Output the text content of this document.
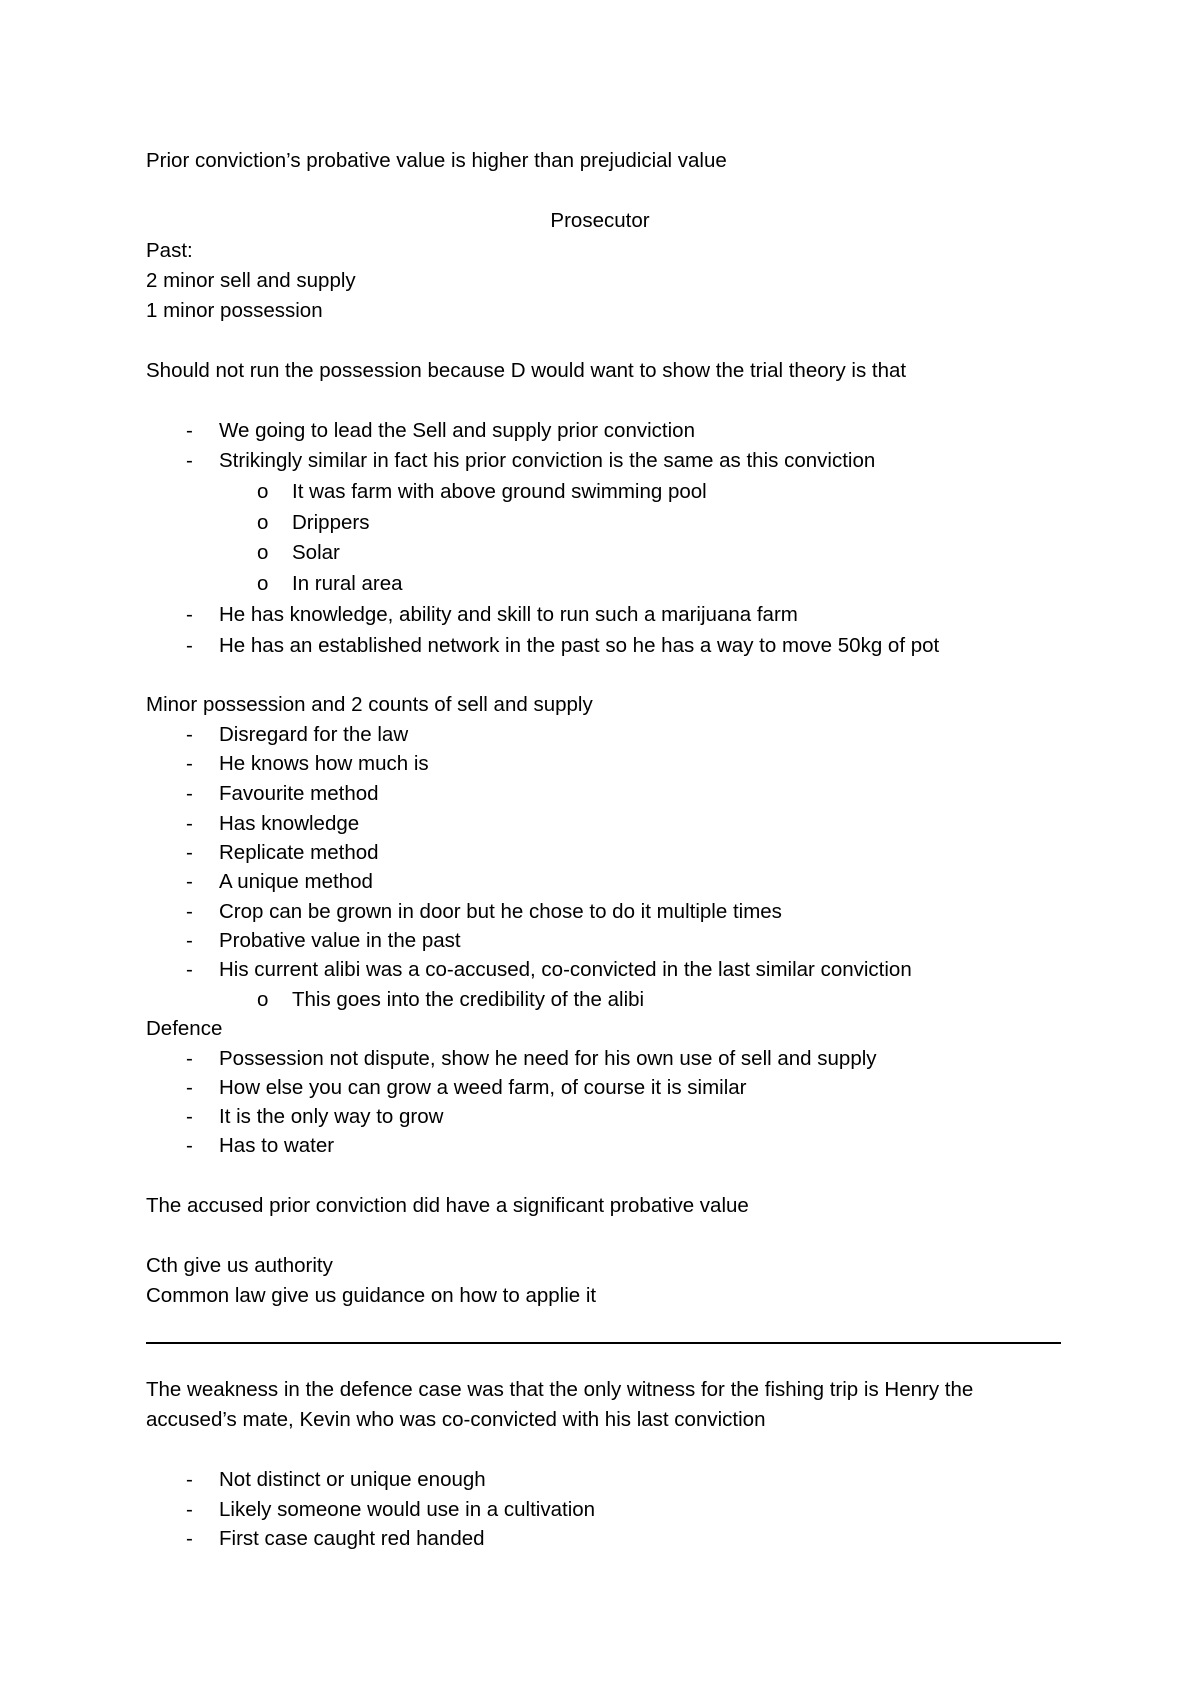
Prior conviction’s probative value is higher than prejudicial value
Prosecutor
Past:
2 minor sell and supply
1 minor possession
Should not run the possession because D would want to show the trial theory is that
- We going to lead the Sell and supply prior conviction
- Strikingly similar in fact his prior conviction is the same as this conviction
o It was farm with above ground swimming pool
o Drippers
o Solar
o In rural area
- He has knowledge, ability and skill to run such a marijuana farm
- He has an established network in the past so he has a way to move 50kg of pot
Minor possession and 2 counts of sell and supply
- Disregard for the law
- He knows how much is
- Favourite method
- Has knowledge
- Replicate method
- A unique method
- Crop can be grown in door but he chose to do it multiple times
- Probative value in the past
- His current alibi was a co-accused, co-convicted in the last similar conviction
o This goes into the credibility of the alibi
Defence
- Possession not dispute, show he need for his own use of sell and supply
- How else you can grow a weed farm, of course it is similar
- It is the only way to grow
- Has to water
The accused prior conviction did have a significant probative value
Cth give us authority
Common law give us guidance on how to applie it
The weakness in the defence case was that the only witness for the fishing trip is Henry the
accused’s mate, Kevin who was co-convicted with his last conviction
- Not distinct or unique enough
- Likely someone would use in a cultivation
- First case caught red handed
